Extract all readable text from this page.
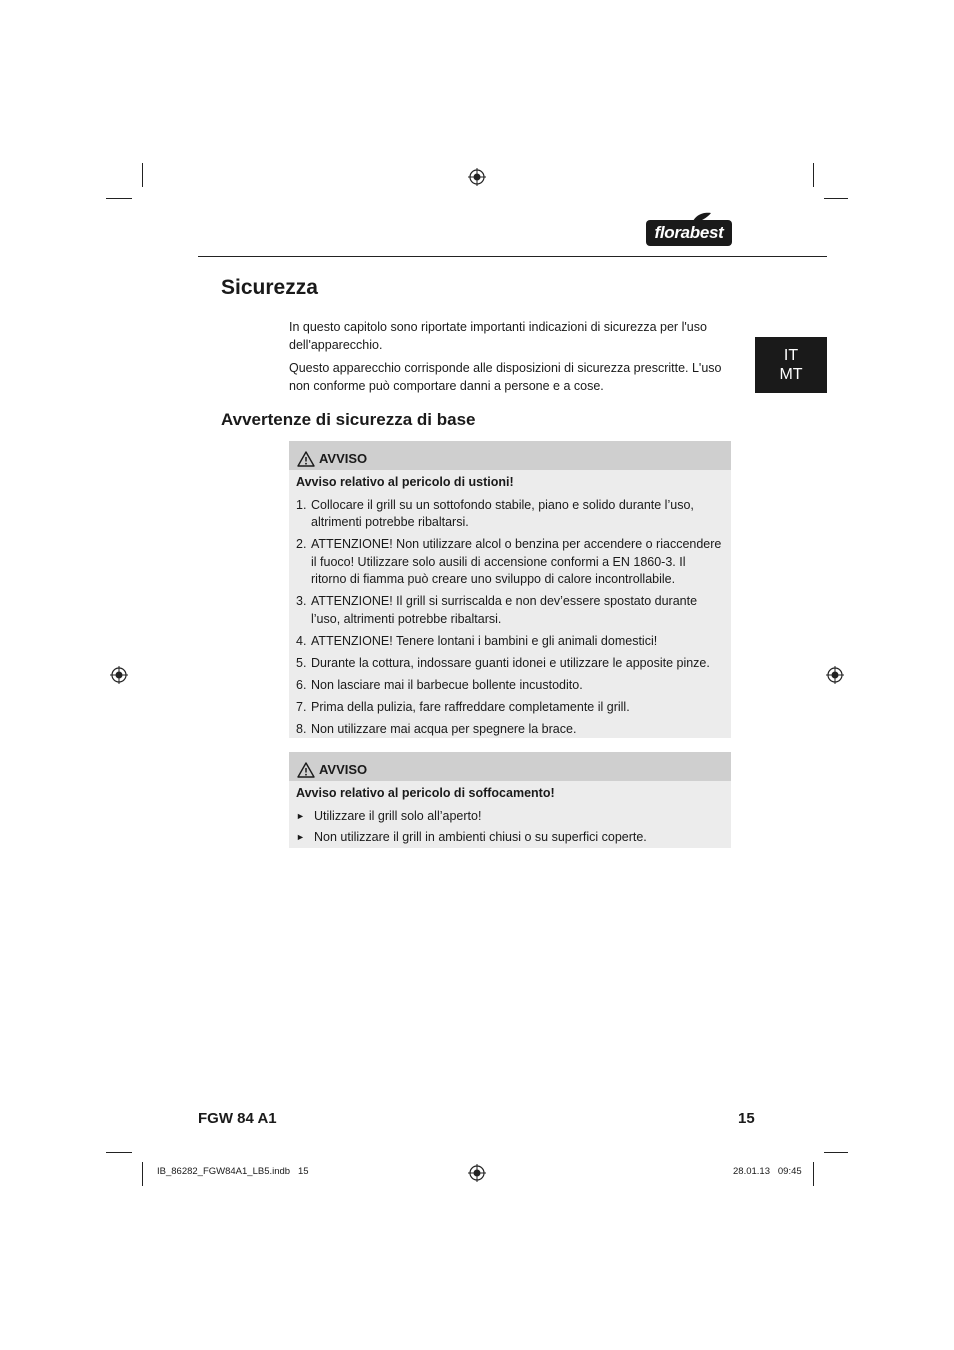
florabest
IT
MT
Sicurezza

In questo capitolo sono riportate importanti indicazioni di sicurezza per l'uso dell'apparecchio.

Questo apparecchio corrisponde alle disposizioni di sicurezza prescritte. L'uso non conforme può comportare danni a persone e a cose.

Avvertenze di sicurezza di base
AVVISO

Avviso relativo al pericolo di ustioni!

1. Collocare il grill su un sottofondo stabile, piano e solido durante l’uso, altrimenti potrebbe ribaltarsi.
2. ATTENZIONE! Non utilizzare alcol o benzina per accendere o riaccendere il fuoco! Utilizzare solo ausili di accensione conformi a EN 1860-3. Il ritorno di fiamma può creare uno sviluppo di calore incontrollabile.
3. ATTENZIONE! Il grill si surriscalda e non dev’essere spostato durante l’uso, altrimenti potrebbe ribaltarsi.
4. ATTENZIONE! Tenere lontani i bambini e gli animali domestici!
5. Durante la cottura, indossare guanti idonei e utilizzare le apposite pinze.
6. Non lasciare mai il barbecue bollente incustodito.
7. Prima della pulizia, fare raffreddare completamente il grill.
8. Non utilizzare mai acqua per spegnere la brace.
AVVISO

Avviso relativo al pericolo di soffocamento!

► Utilizzare il grill solo all’aperto!
► Non utilizzare il grill in ambienti chiusi o su superfici coperte.
FGW 84 A1	15
IB_86282_FGW84A1_LB5.indb   15	28.01.13   09:45
